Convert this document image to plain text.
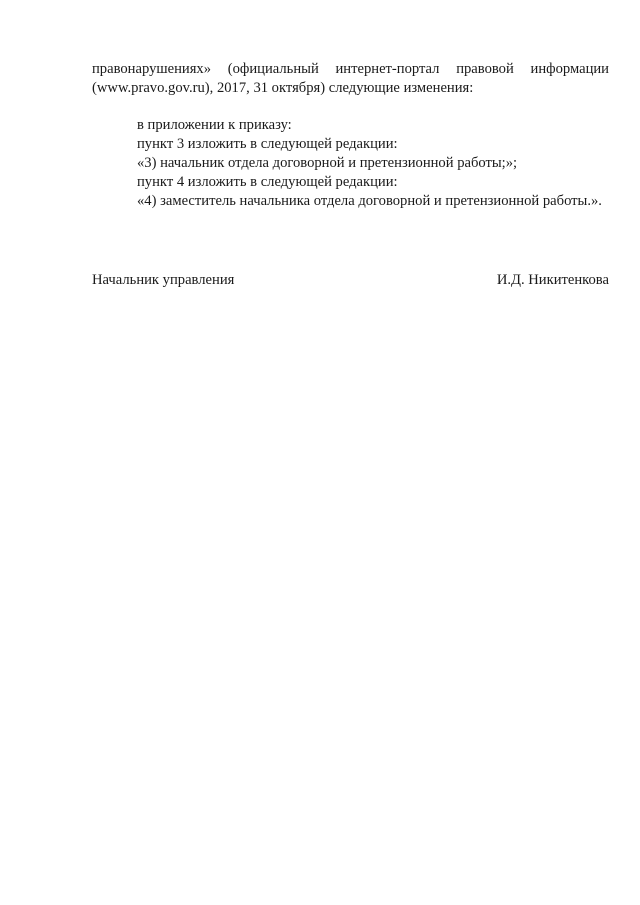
правонарушениях» (официальный интернет-портал правовой информации
(www.pravo.gov.ru), 2017, 31 октября) следующие изменения:

в приложении к приказу:

пункт 3 изложить в следующей редакции:

«3) начальник отдела договорной и претензионной работы;»;

пункт 4 изложить в следующей редакции:

«4) заместитель начальника отдела договорной и претензионной работы.».

Начальник управления	И.Д. Никитенкова
